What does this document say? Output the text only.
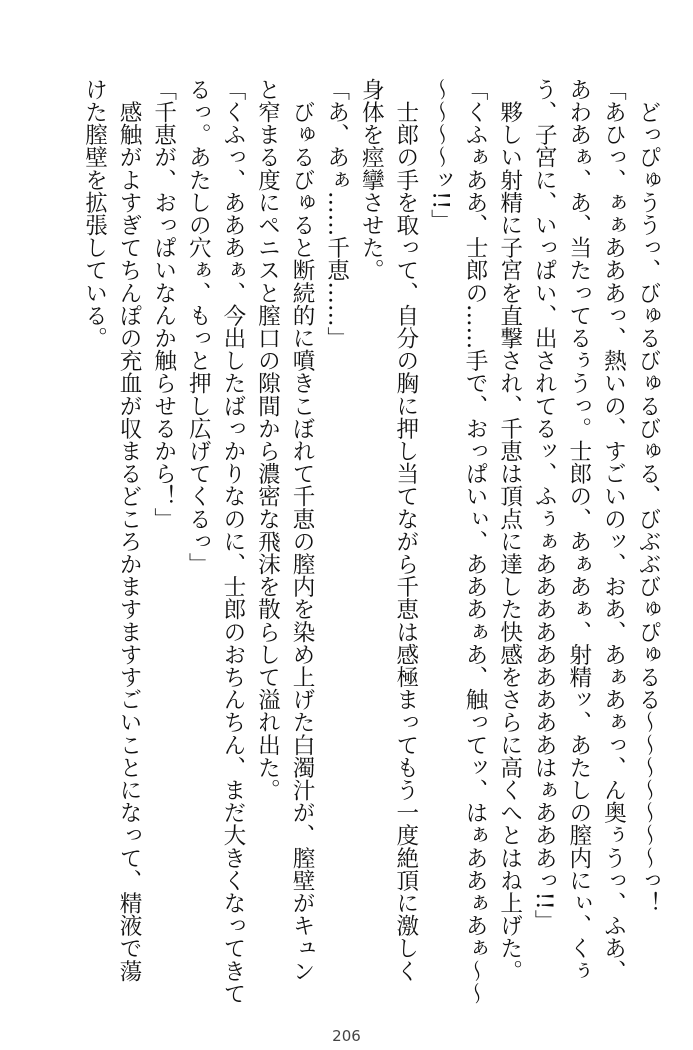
　どっぴゅううっ、びゅるびゅるびゅる、びぶぶびゅぴゅるる〜〜〜〜〜〜〜っ！
「あひっ、ぁぁあああっ、熱いの、すごいのッ、おあ、あぁあぁっ、ん奥ぅうっ、ふあ、
あわあぁ、あ、当たってるぅうっ。士郎の、あぁあぁ、射精ッ、あたしの膣内にぃ、くぅ
う、子宮に、いっぱい、出されてるッ、ふぅぁあああああああああはぁあああっ!!」
　夥しい射精に子宮を直撃され、千恵は頂点に達した快感をさらに高くへとはね上げた。
「くふぁああ、士郎の……手で、おっぱいぃ、あああぁあ、触ってッ、はぁああぁあぁ〜〜
〜〜〜〜ッ!!」
　士郎の手を取って、自分の胸に押し当てながら千恵は感極まってもう一度絶頂に激しく
身体を痙攣させた。
「あ、あぁ……千恵……」
　びゅるびゅると断続的に噴きこぼれて千恵の膣内を染め上げた白濁汁が、膣壁がキュン
と窄まる度にペニスと膣口の隙間から濃密な飛沫を散らして溢れ出た。
「くふっ、あああぁ、今出したばっかりなのに、士郎のおちんちん、まだ大きくなってきて
るっ。あたしの穴ぁ、もっと押し広げてくるっ」
「千恵が、おっぱいなんか触らせるから！」
　感触がよすぎてちんぽの充血が収まるどころかますますすごいことになって、精液で蕩
けた膣壁を拡張している。
206
